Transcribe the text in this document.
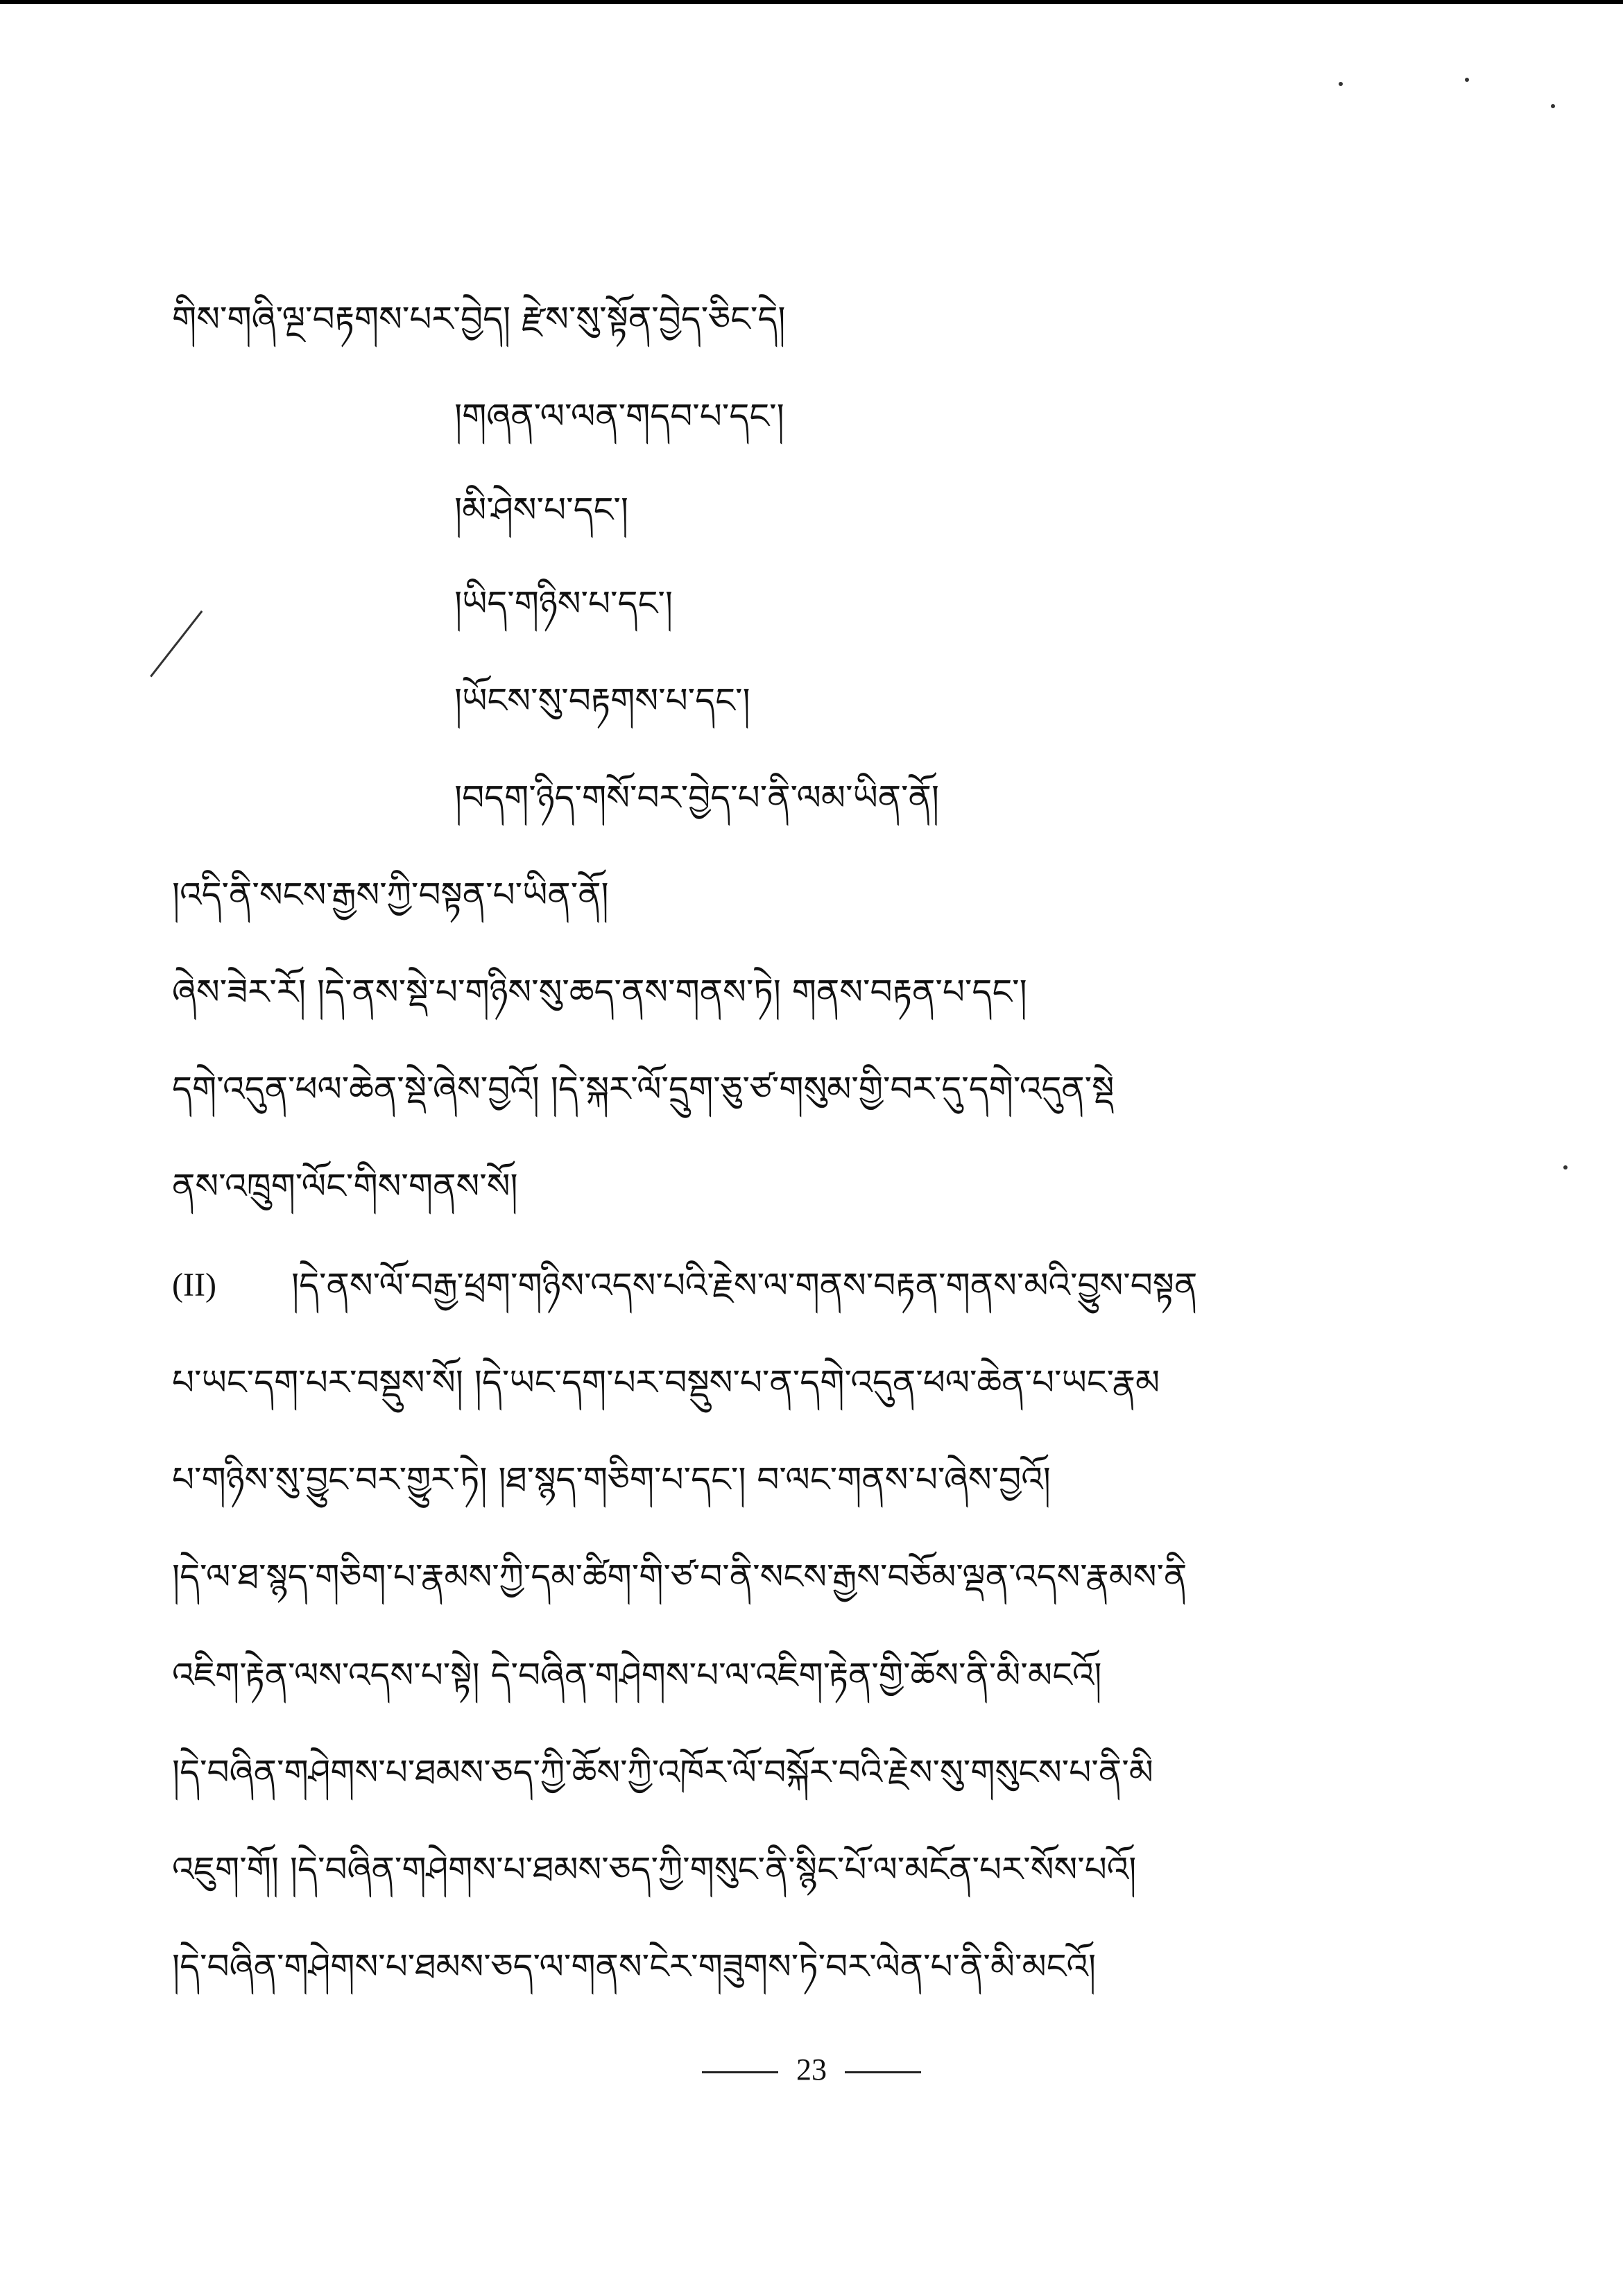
གིས་གཞི་ལྔ་བརྟགས་པར་བྱེད། རྫེས་སུ་སྟོན་བྱེད་ཅིང་དེ།
།གཞན་ལ་ལན་གདབ་པ་དང་།
།མི་ཤེས་པ་དང་།
།ཡིད་གཉིས་པ་དང་།
།ཡོངས་སུ་བརྟགས་པ་དང་།
།བདག་ཉིད་གསོ་བར་བྱེད་པ་ནི་ལམ་ཡིན་ནོ།
།འདི་ནི་སངས་རྒྱས་ཀྱི་བསྟན་པ་ཡིན་ནོ།
ཞེས་ཟེར་རོ། །དེ་ནས་སྡེ་པ་གཉིས་སུ་ཆད་ནས་གནས་ཏེ། གནས་བརྟན་པ་དང་།
དགེ་འདུན་ཕལ་ཆེན་སྡེ་ཞེས་བྱའོ། །དེ་སྐར་ལོ་དྲུག་ཅུ་ཙ་གསུམ་གྱི་བར་དུ་དགེ་འདུན་སྡེ
ནས་འཁྲུག་ལོང་གིས་གནས་སོ།
(II) །དེ་ནས་ལོ་བརྒྱ་ཕྲག་གཉིས་འདས་པའི་རྗེས་ལ་གནས་བརྟན་གནས་མའི་བྱུས་བསྟན
པ་ཡང་དག་པར་བསྡུས་སོ། །དེ་ཡང་དག་པར་བསྡུས་པ་ན་དགེ་འདུན་ཕལ་ཆེན་པ་ཡང་རྣམ
པ་གཉིས་སུ་བྱུང་བར་གྱུར་ཏེ། །ཐ་སྙད་གཅིག་པ་དང་། བ་ལང་གནས་པ་ཞེས་བྱའོ།
།དེ་ལ་ཐ་སྙད་གཅིག་པ་རྣམས་ཀྱི་དམ་ཚིག་གི་ཙ་བ་ནི་སངས་རྒྱས་བཅོམ་ལྡན་འདས་རྣམས་ནི
འཇིག་རྟེན་ལས་འདས་པ་སྟེ། དེ་བཞིན་གཤེགས་པ་ལ་འཇིག་རྟེན་གྱི་ཆོས་ནི་མི་མངའོ།
།དེ་བཞིན་གཤེགས་པ་ཐམས་ཅད་ཀྱི་ཆོས་ཀྱི་འཁོར་ལོ་བསྐོར་བའི་རྗེས་སུ་གསུངས་པ་ནི་མི
འཇུག་གོ། །དེ་བཞིན་གཤེགས་པ་ཐམས་ཅད་ཀྱི་གསུང་ནི་སྙིང་པོ་ལ་མངོན་པར་སོས་པའོ།
།དེ་བཞིན་གཤེགས་པ་ཐམས་ཅད་ལ་གནས་ངེར་གཟུགས་ཏེ་བར་ལེན་པ་ནི་མི་མངའོ།
23
